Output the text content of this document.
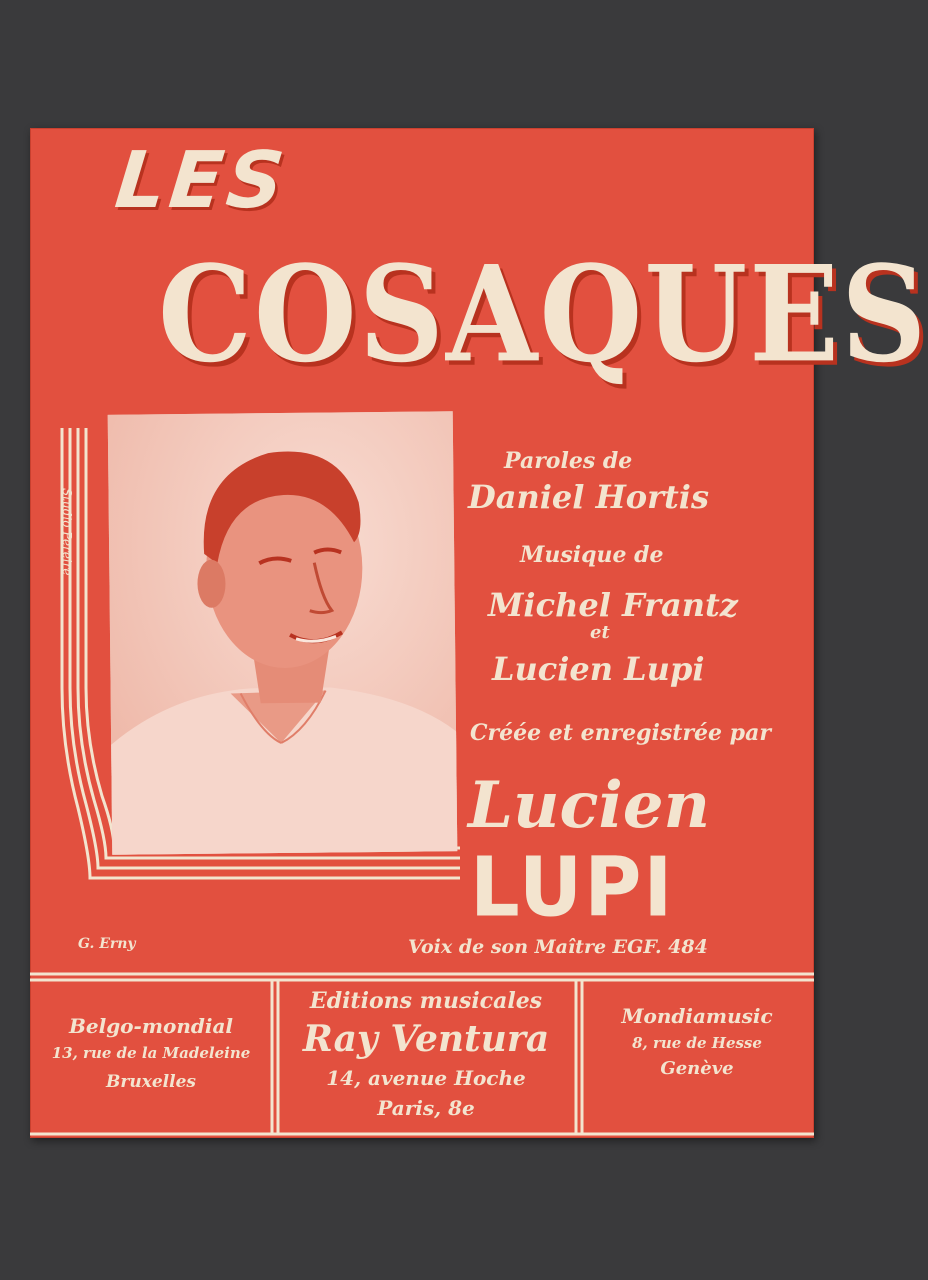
LES
COSAQUES
Studio Pereire
Paroles de
Daniel Hortis
Musique de
Michel Frantz
et
Lucien Lupi
Créée et enregistrée par
Lucien
LUPI
G. Erny	Voix de son Maître EGF. 484
Belgo-mondial
13, rue de la Madeleine
Bruxelles
Editions musicales
Ray Ventura
14, avenue Hoche
Paris, 8e
Mondiamusic
8, rue de Hesse
Genève
